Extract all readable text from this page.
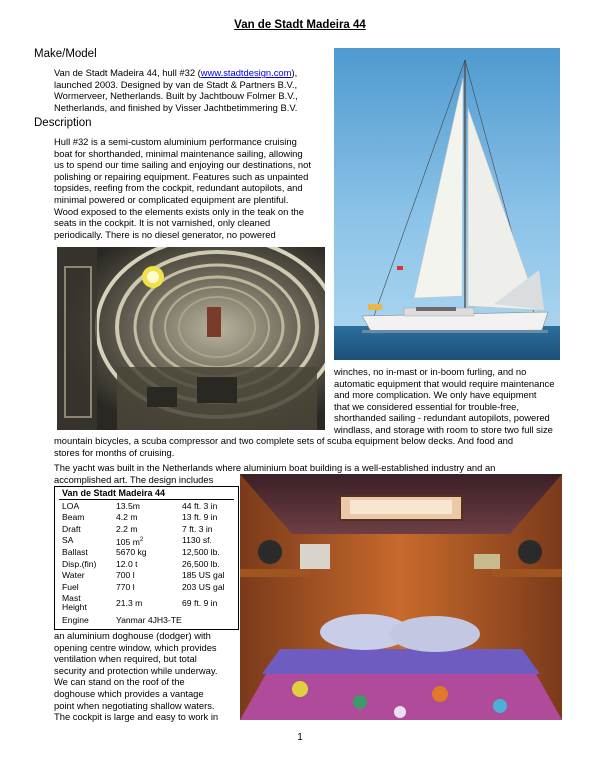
Van de Stadt Madeira 44
Make/Model
Van de Stadt Madeira 44, hull #32 (www.stadtdesign.com),
launched 2003. Designed by van de Stadt & Partners B.V.,
Wormerveer, Netherlands. Built by Jachtbouw Folmer B.V.,
Netherlands, and finished by Visser Jachtbetimmering B.V.
Description
Hull #32 is a semi-custom aluminium performance cruising
boat for shorthanded, minimal maintenance sailing, allowing
us to spend our time sailing and enjoying our destinations, not
polishing or repairing equipment. Features such as unpainted
topsides, reefing from the cockpit, redundant autopilots, and
minimal powered or complicated equipment are plentiful.
Wood exposed to the elements exists only in the teak on the
seats in the cockpit. It is not varnished, only cleaned
periodically. There is no diesel generator, no powered
winches, no in-mast or in-boom furling, and no
automatic equipment that would require maintenance
and more complication. We only have equipment
that we considered essential for trouble-free,
shorthanded sailing - redundant autopilots, powered
windlass, and storage with room to store two full size
mountain bicycles, a scuba compressor and two complete sets of scuba equipment below decks. And food and
stores for months of cruising.
The yacht was built in the Netherlands where aluminium boat building is a well-established industry and an
accomplished art. The design includes
Van de Stadt Madeira 44
LOA	13.5m	44 ft. 3 in
Beam	4.2 m	13 ft. 9 in
Draft	2.2 m	7 ft. 3 in
SA	105 $m^2$	1130 sf.
Ballast	5670 kg	12,500 lb.
Disp.(fin)	12.0 t	26,500 lb.
Water	700 l	185 US gal
Fuel	770 l	203 US gal
Mast
Height	21.3 m	69 ft. 9 in
Engine	Yanmar 4JH3-TE	
an aluminium doghouse (dodger) with
opening centre window, which provides
ventilation when required, but total
security and protection while underway.
We can stand on the roof of the
doghouse which provides a vantage
point when negotiating shallow waters.
The cockpit is large and easy to work in
1
